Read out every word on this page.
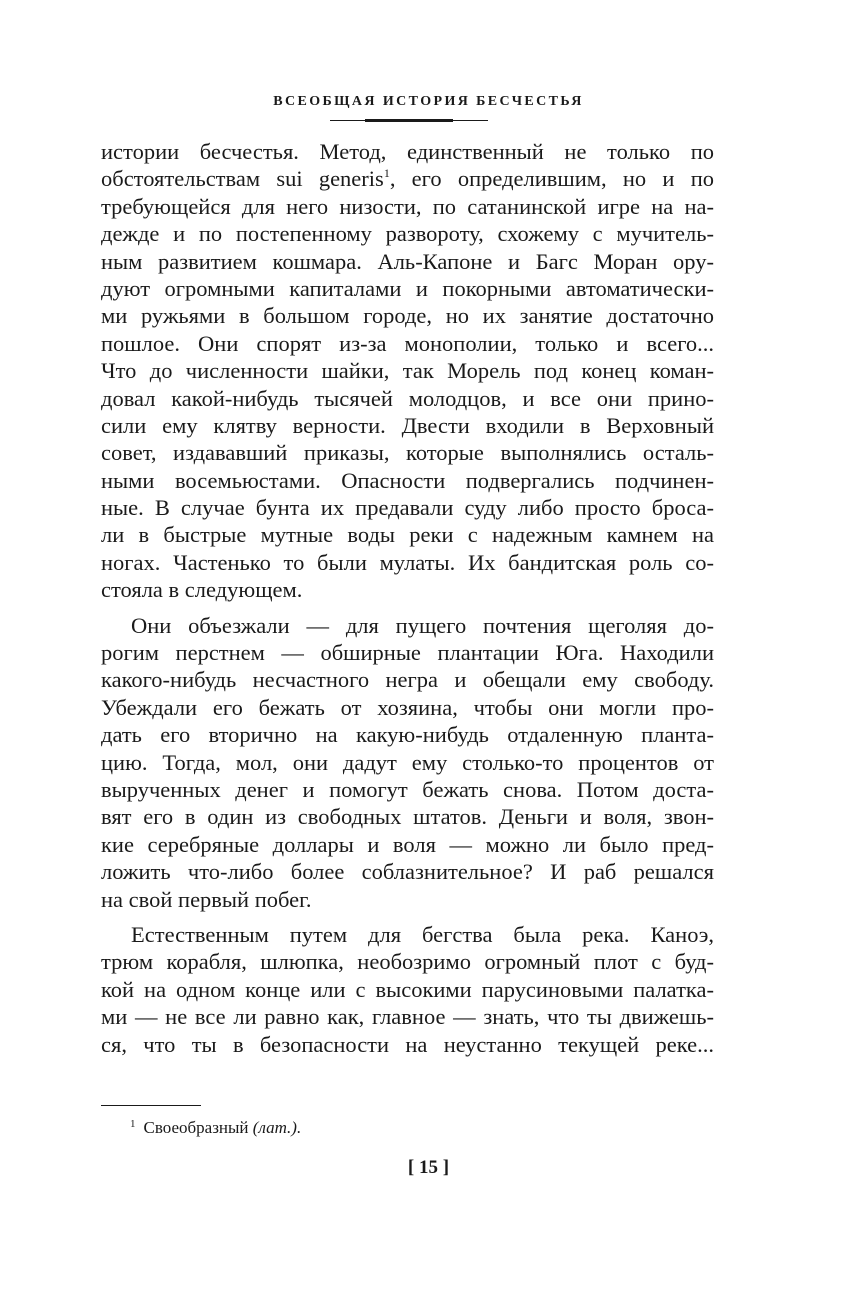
ВСЕОБЩАЯ ИСТОРИЯ БЕСЧЕСТЬЯ
истории бесчестья. Метод, единственный не только по
обстоятельствам sui generis$^1$, его определившим, но и по
требующейся для него низости, по сатанинской игре на на-
дежде и по постепенному развороту, схожему с мучитель-
ным развитием кошмара. Аль-Капоне и Багс Моран ору-
дуют огромными капиталами и покорными автоматически-
ми ружьями в большом городе, но их занятие достаточно
пошлое. Они спорят из-за монополии, только и всего...
Что до численности шайки, так Морель под конец коман-
довал какой-нибудь тысячей молодцов, и все они прино-
сили ему клятву верности. Двести входили в Верховный
совет, издававший приказы, которые выполнялись осталь-
ными восемьюстами. Опасности подвергались подчинен-
ные. В случае бунта их предавали суду либо просто броса-
ли в быстрые мутные воды реки с надежным камнем на
ногах. Частенько то были мулаты. Их бандитская роль со-
стояла в следующем.
Они объезжали — для пущего почтения щеголяя до-
рогим перстнем — обширные плантации Юга. Находили
какого-нибудь несчастного негра и обещали ему свободу.
Убеждали его бежать от хозяина, чтобы они могли про-
дать его вторично на какую-нибудь отдаленную планта-
цию. Тогда, мол, они дадут ему столько-то процентов от
вырученных денег и помогут бежать снова. Потом доста-
вят его в один из свободных штатов. Деньги и воля, звон-
кие серебряные доллары и воля — можно ли было пред-
ложить что-либо более соблазнительное? И раб решался
на свой первый побег.
Естественным путем для бегства была река. Каноэ,
трюм корабля, шлюпка, необозримо огромный плот с буд-
кой на одном конце или с высокими парусиновыми палатка-
ми — не все ли равно как, главное — знать, что ты движешь-
ся, что ты в безопасности на неустанно текущей реке...
$^1$ Своеобразный (лат.).
[ 15 ]
